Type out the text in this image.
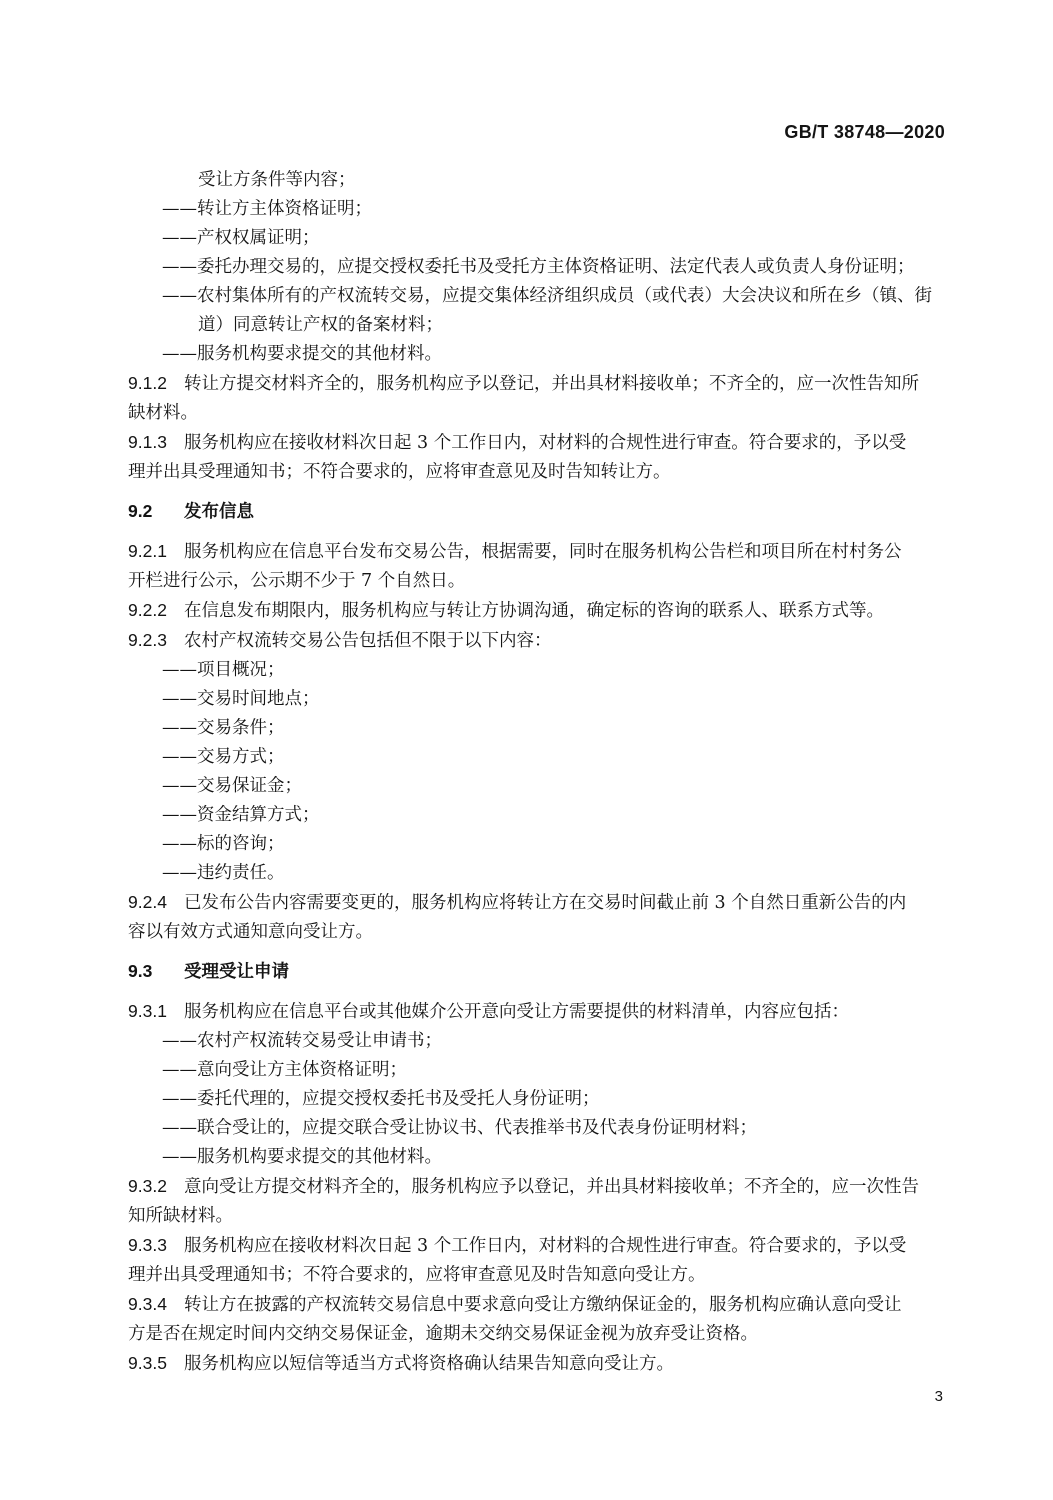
GB/T 38748—2020
受让方条件等内容；
——转让方主体资格证明；
——产权权属证明；
——委托办理交易的，应提交授权委托书及受托方主体资格证明、法定代表人或负责人身份证明；
——农村集体所有的产权流转交易，应提交集体经济组织成员（或代表）大会决议和所在乡（镇、街
道）同意转让产权的备案材料；
——服务机构要求提交的其他材料。
9.1.2 转让方提交材料齐全的，服务机构应予以登记，并出具材料接收单；不齐全的，应一次性告知所
缺材料。
9.1.3 服务机构应在接收材料次日起 3 个工作日内，对材料的合规性进行审查。符合要求的，予以受
理并出具受理通知书；不符合要求的，应将审查意见及时告知转让方。
9.2 发布信息
9.2.1 服务机构应在信息平台发布交易公告，根据需要，同时在服务机构公告栏和项目所在村村务公
开栏进行公示，公示期不少于 7 个自然日。
9.2.2 在信息发布期限内，服务机构应与转让方协调沟通，确定标的咨询的联系人、联系方式等。
9.2.3 农村产权流转交易公告包括但不限于以下内容：
——项目概况；
——交易时间地点；
——交易条件；
——交易方式；
——交易保证金；
——资金结算方式；
——标的咨询；
——违约责任。
9.2.4 已发布公告内容需要变更的，服务机构应将转让方在交易时间截止前 3 个自然日重新公告的内
容以有效方式通知意向受让方。
9.3 受理受让申请
9.3.1 服务机构应在信息平台或其他媒介公开意向受让方需要提供的材料清单，内容应包括：
——农村产权流转交易受让申请书；
——意向受让方主体资格证明；
——委托代理的，应提交授权委托书及受托人身份证明；
——联合受让的，应提交联合受让协议书、代表推举书及代表身份证明材料；
——服务机构要求提交的其他材料。
9.3.2 意向受让方提交材料齐全的，服务机构应予以登记，并出具材料接收单；不齐全的，应一次性告
知所缺材料。
9.3.3 服务机构应在接收材料次日起 3 个工作日内，对材料的合规性进行审查。符合要求的，予以受
理并出具受理通知书；不符合要求的，应将审查意见及时告知意向受让方。
9.3.4 转让方在披露的产权流转交易信息中要求意向受让方缴纳保证金的，服务机构应确认意向受让
方是否在规定时间内交纳交易保证金，逾期未交纳交易保证金视为放弃受让资格。
9.3.5 服务机构应以短信等适当方式将资格确认结果告知意向受让方。
3
